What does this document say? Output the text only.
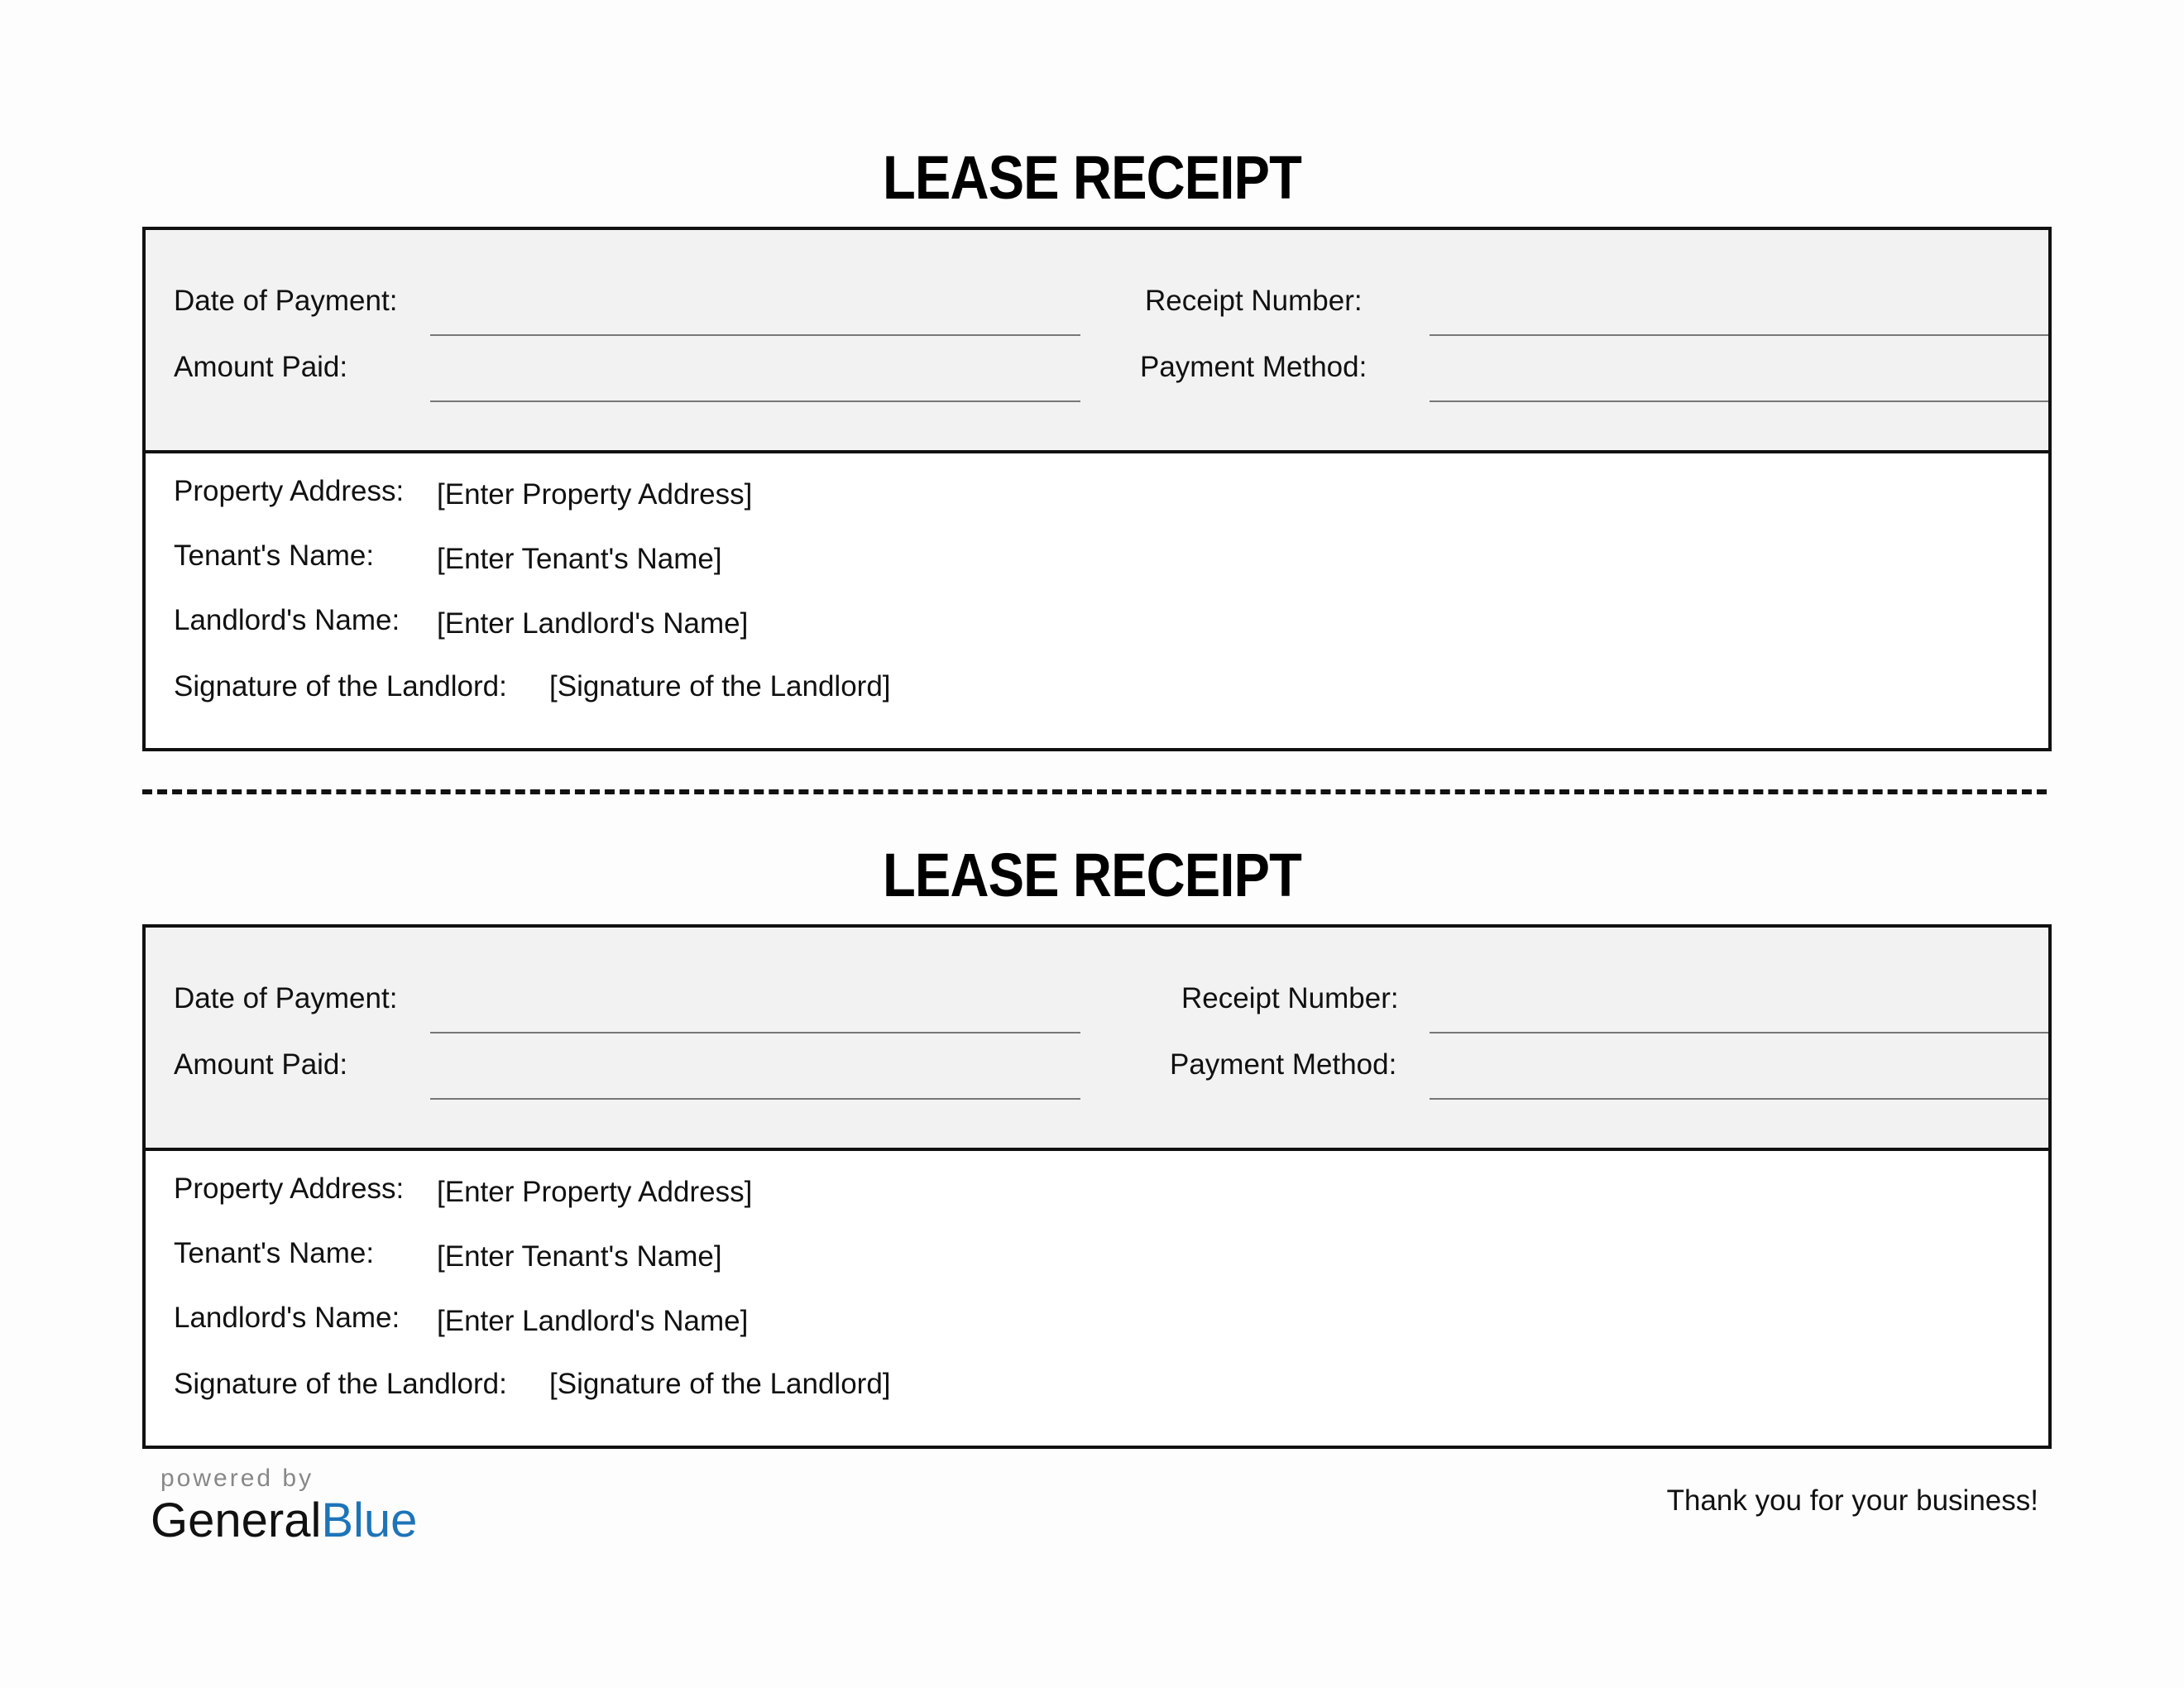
LEASE RECEIPT
Date of Payment:
Amount Paid:
Receipt Number:
Payment Method:
Property Address: [Enter Property Address]
Tenant's Name: [Enter Tenant's Name]
Landlord's Name: [Enter Landlord's Name]
Signature of the Landlord: [Signature of the Landlord]
LEASE RECEIPT
Date of Payment:
Amount Paid:
Receipt Number:
Payment Method:
Property Address: [Enter Property Address]
Tenant's Name: [Enter Tenant's Name]
Landlord's Name: [Enter Landlord's Name]
Signature of the Landlord: [Signature of the Landlord]
powered by
GeneralBlue	Thank you for your business!
